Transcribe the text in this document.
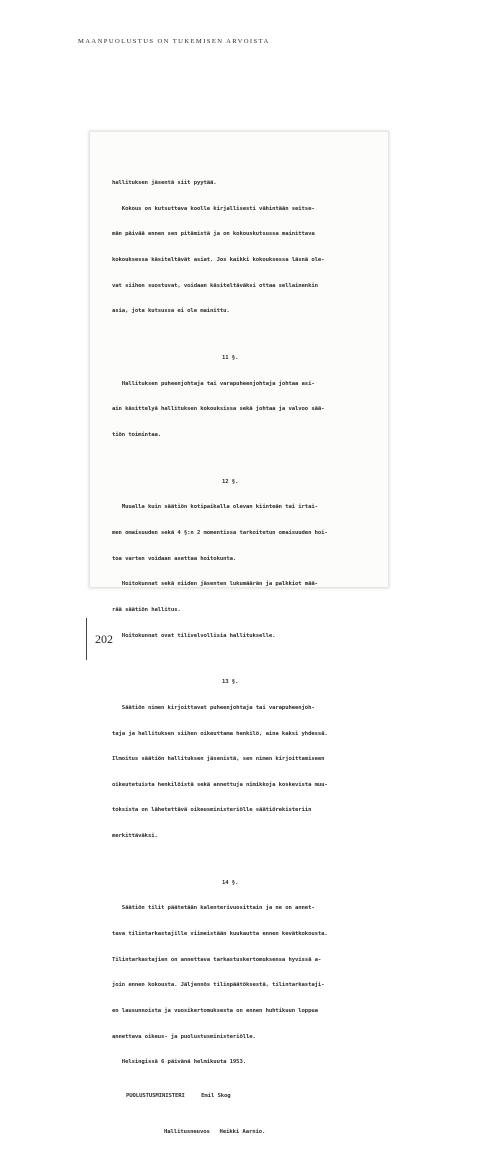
MAANPUOLUSTUS ON TUKEMISEN ARVOISTA

hallituksen jäsentä siit pyytää.

Kokous on kutsuttava koolle kirjallisesti vähintään seitse-

män päivää ennen sen pitämistä ja on kokouskutsussa mainittava

kokouksessa käsiteltävät asiat. Jos kaikki kokouksessa läsnä ole-

vat siihen suostuvat, voidaan käsiteltäväksi ottaa sellainenkin

asia, jota kutsussa ei ole mainittu.

11 §.

Hallituksen puheenjohtaja tai varapuheenjohtaja johtaa asi-

ain käsittelyä hallituksen kokouksissa sekä johtaa ja valvoo sää-

tiön toimintaa.

12 §.

Muualla kuin säätiön kotipaikalla olevan kiinteän tai irtai-

men omaisuuden sekä 4 §:n 2 momentissa tarkoitetun omaisuuden hoi-

toa varten voidaan asettaa hoitokunta.

Hoitokunnat sekä niiden jäsenten lukumäärän ja palkkiot mää-

rää säätiön hallitus.

Hoitokunnat ovat tilivelvollisia hallitukselle.

13 §.

Säätiön nimen kirjoittavat puheenjohtaja tai varapuheenjoh-

taja ja hallituksen siihen oikeuttama henkilö, aina kaksi yhdessä.

Ilmoitus säätiön hallituksen jäsenistä, sen nimen kirjoittamiseen

oikeutetuista henkilöistä sekä annettuja nimikkoja koskevista muu-

toksista on lähetettävä oikeusministeriölle säätiörekisteriin

merkittäväksi.

14 §.

Säätiön tilit päätetään kalenterivuosittain ja ne on annet-

tava tilintarkastajille viimeistään kuukautta ennen kevätkokousta.

Tilintarkastajien on annettava tarkastuskertomuksensa hyvissä a-

join ennen kokousta. Jäljennös tilinpäätöksestä, tilintarkastaji-

en lausunnoista ja vuosikertomuksesta on ennen huhtikuun loppua

annettava oikeus- ja puolustusministeriölle.

Helsingissä 6 päivänä helmikuuta 1953.

PUOLUSTUSMINISTERI     Emil Skog

Hallitusneuvos   Heikki Aarnio.

202
